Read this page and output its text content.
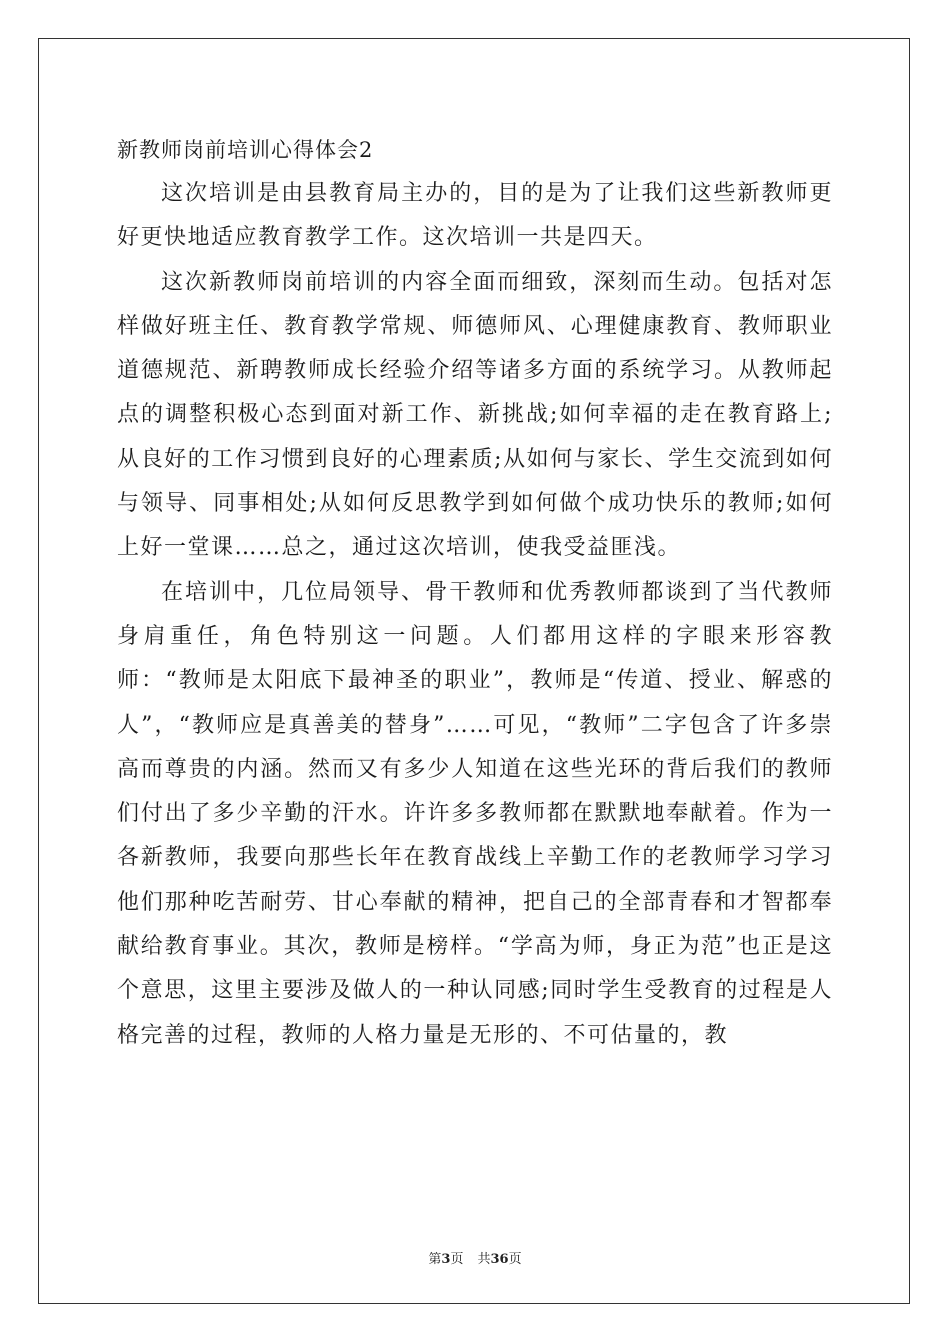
新教师岗前培训心得体会2

这次培训是由县教育局主办的，目的是为了让我们这些新教师更好更快地适应教育教学工作。这次培训一共是四天。

这次新教师岗前培训的内容全面而细致，深刻而生动。包括对怎样做好班主任、教育教学常规、师德师风、心理健康教育、教师职业道德规范、新聘教师成长经验介绍等诸多方面的系统学习。从教师起点的调整积极心态到面对新工作、新挑战;如何幸福的走在教育路上;从良好的工作习惯到良好的心理素质;从如何与家长、学生交流到如何与领导、同事相处;从如何反思教学到如何做个成功快乐的教师;如何上好一堂课……总之，通过这次培训，使我受益匪浅。

在培训中，几位局领导、骨干教师和优秀教师都谈到了当代教师身肩重任，角色特别这一问题。人们都用这样的字眼来形容教师：“教师是太阳底下最神圣的职业”，教师是“传道、授业、解惑的人”，“教师应是真善美的替身”……可见，“教师”二字包含了许多崇高而尊贵的内涵。然而又有多少人知道在这些光环的背后我们的教师们付出了多少辛勤的汗水。许许多多教师都在默默地奉献着。作为一各新教师，我要向那些长年在教育战线上辛勤工作的老教师学习学习他们那种吃苦耐劳、甘心奉献的精神，把自己的全部青春和才智都奉献给教育事业。其次，教师是榜样。“学高为师，身正为范”也正是这个意思，这里主要涉及做人的一种认同感;同时学生受教育的过程是人格完善的过程，教师的人格力量是无形的、不可估量的，教

第3页 共36页
